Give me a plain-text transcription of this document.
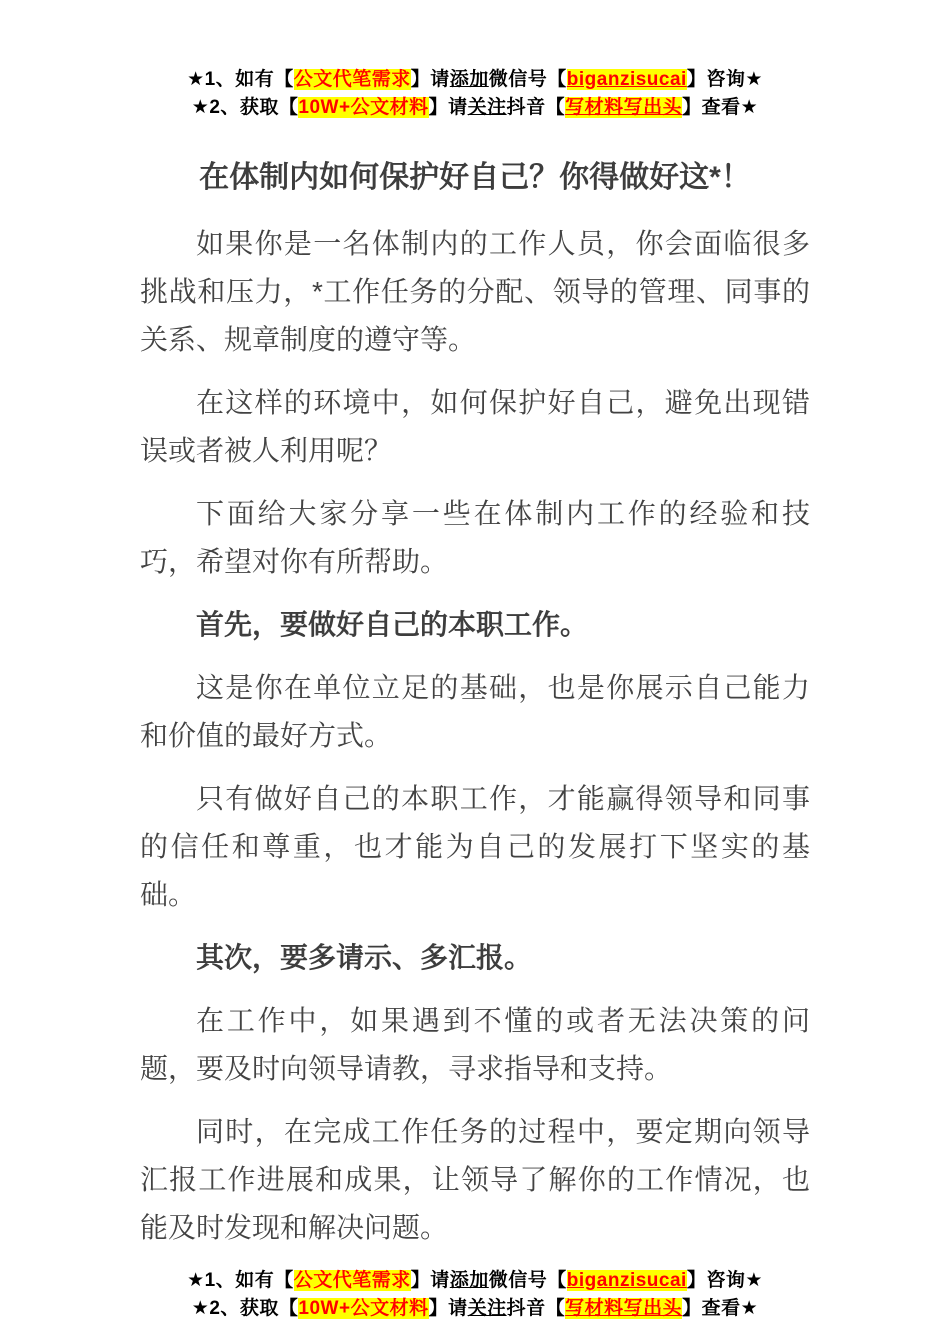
★1、如有【公文代笔需求】请添加微信号【biganzisucai】咨询★
★2、获取【10W+公文材料】请关注抖音【写材料写出头】查看★
在体制内如何保护好自己？你得做好这*！

如果你是一名体制内的工作人员，你会面临很多挑战和压力，*工作任务的分配、领导的管理、同事的关系、规章制度的遵守等。

在这样的环境中，如何保护好自己，避免出现错误或者被人利用呢？

下面给大家分享一些在体制内工作的经验和技巧，希望对你有所帮助。

首先，要做好自己的本职工作。

这是你在单位立足的基础，也是你展示自己能力和价值的最好方式。

只有做好自己的本职工作，才能赢得领导和同事的信任和尊重，也才能为自己的发展打下坚实的基础。

其次，要多请示、多汇报。

在工作中，如果遇到不懂的或者无法决策的问题，要及时向领导请教，寻求指导和支持。

同时，在完成工作任务的过程中，要定期向领导汇报工作进展和成果，让领导了解你的工作情况，也能及时发现和解决问题。

★1、如有【公文代笔需求】请添加微信号【biganzisucai】咨询★
★2、获取【10W+公文材料】请关注抖音【写材料写出头】查看★
